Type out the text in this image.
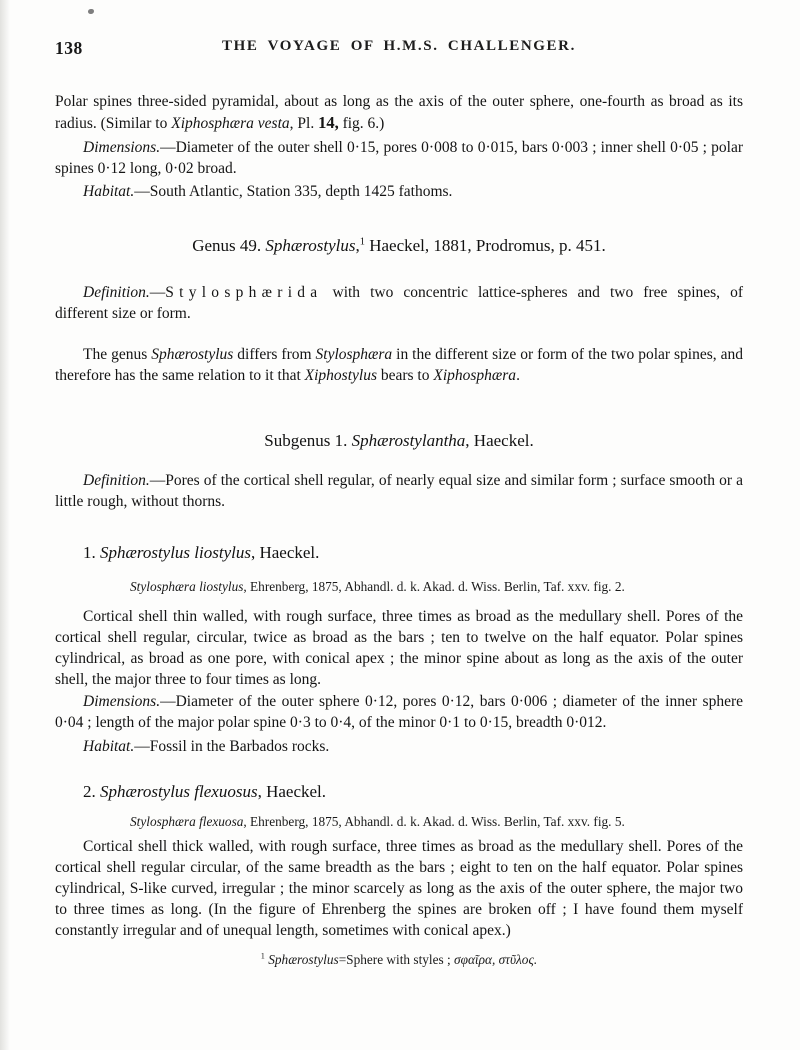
138	THE VOYAGE OF H.M.S. CHALLENGER.

Polar spines three-sided pyramidal, about as long as the axis of the outer sphere, one-fourth as broad as its radius. (Similar to Xiphosphæra vesta, Pl. 14, fig. 6.)

Dimensions.—Diameter of the outer shell 0·15, pores 0·008 to 0·015, bars 0·003 ; inner shell 0·05 ; polar spines 0·12 long, 0·02 broad.

Habitat.—South Atlantic, Station 335, depth 1425 fathoms.

Genus 49. Sphærostylus,$^1$ Haeckel, 1881, Prodromus, p. 451.

Definition.—Stylosphærida with two concentric lattice-spheres and two free spines, of different size or form.

The genus Sphærostylus differs from Stylosphæra in the different size or form of the two polar spines, and therefore has the same relation to it that Xiphostylus bears to Xiphosphæra.

Subgenus 1. Sphærostylantha, Haeckel.

Definition.—Pores of the cortical shell regular, of nearly equal size and similar form ; surface smooth or a little rough, without thorns.

1. Sphærostylus liostylus, Haeckel.

Stylosphæra liostylus, Ehrenberg, 1875, Abhandl. d. k. Akad. d. Wiss. Berlin, Taf. xxv. fig. 2.

Cortical shell thin walled, with rough surface, three times as broad as the medullary shell. Pores of the cortical shell regular, circular, twice as broad as the bars ; ten to twelve on the half equator. Polar spines cylindrical, as broad as one pore, with conical apex ; the minor spine about as long as the axis of the outer shell, the major three to four times as long.

Dimensions.—Diameter of the outer sphere 0·12, pores 0·12, bars 0·006 ; diameter of the inner sphere 0·04 ; length of the major polar spine 0·3 to 0·4, of the minor 0·1 to 0·15, breadth 0·012.

Habitat.—Fossil in the Barbados rocks.

2. Sphærostylus flexuosus, Haeckel.

Stylosphæra flexuosa, Ehrenberg, 1875, Abhandl. d. k. Akad. d. Wiss. Berlin, Taf. xxv. fig. 5.

Cortical shell thick walled, with rough surface, three times as broad as the medullary shell. Pores of the cortical shell regular circular, of the same breadth as the bars ; eight to ten on the half equator. Polar spines cylindrical, S-like curved, irregular ; the minor scarcely as long as the axis of the outer sphere, the major two to three times as long. (In the figure of Ehrenberg the spines are broken off ; I have found them myself constantly irregular and of unequal length, sometimes with conical apex.)

$^1$ Sphærostylus=Sphere with styles ; σφαῖρα, στῦλος.
